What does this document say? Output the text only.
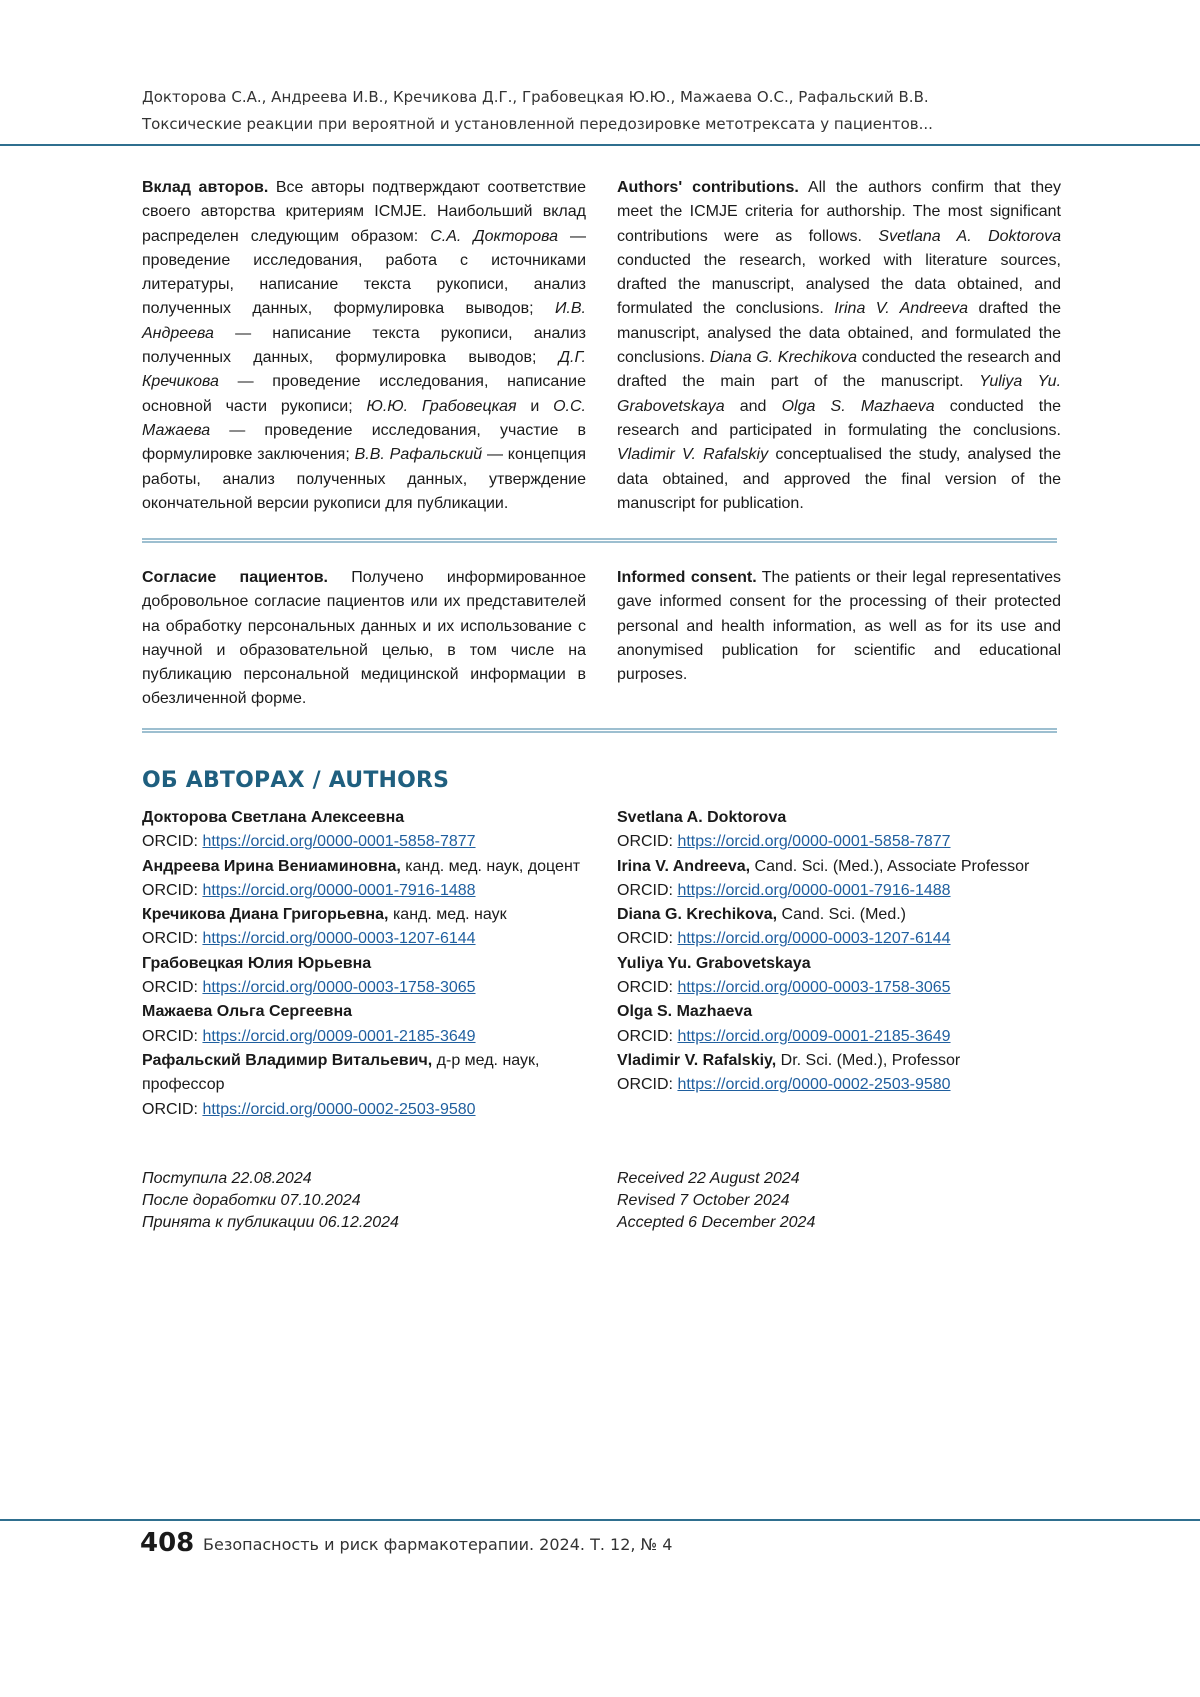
Докторова С.А., Андреева И.В., Кречикова Д.Г., Грабовецкая Ю.Ю., Мажаева О.С., Рафальский В.В.
Токсические реакции при вероятной и установленной передозировке метотрексата у пациентов...
Вклад авторов. Все авторы подтверждают соответствие своего авторства критериям ICMJE. Наибольший вклад распределен следующим образом: С.А. Докторова — проведение исследования, работа с источниками литературы, написание текста рукописи, анализ полученных данных, формулировка выводов; И.В. Андреева — написание текста рукописи, анализ полученных данных, формулировка выводов; Д.Г. Кречикова — проведение исследования, написание основной части рукописи; Ю.Ю. Грабовецкая и О.С. Мажаева — проведение исследования, участие в формулировке заключения; В.В. Рафальский — концепция работы, анализ полученных данных, утверждение окончательной версии рукописи для публикации.
Authors' contributions. All the authors confirm that they meet the ICMJE criteria for authorship. The most significant contributions were as follows. Svetlana A. Doktorova conducted the research, worked with literature sources, drafted the manuscript, analysed the data obtained, and formulated the conclusions. Irina V. Andreeva drafted the manuscript, analysed the data obtained, and formulated the conclusions. Diana G. Krechikova conducted the research and drafted the main part of the manuscript. Yuliya Yu. Grabovetskaya and Olga S. Mazhaeva conducted the research and participated in formulating the conclusions. Vladimir V. Rafalskiy conceptualised the study, analysed the data obtained, and approved the final version of the manuscript for publication.
Согласие пациентов. Получено информированное добровольное согласие пациентов или их представителей на обработку персональных данных и их использование с научной и образовательной целью, в том числе на публикацию персональной медицинской информации в обезличенной форме.
Informed consent. The patients or their legal representatives gave informed consent for the processing of their protected personal and health information, as well as for its use and anonymised publication for scientific and educational purposes.
ОБ АВТОРАХ / AUTHORS
Докторова Светлана Алексеевна
ORCID: https://orcid.org/0000-0001-5858-7877
Андреева Ирина Вениаминовна, канд. мед. наук, доцент
ORCID: https://orcid.org/0000-0001-7916-1488
Кречикова Диана Григорьевна, канд. мед. наук
ORCID: https://orcid.org/0000-0003-1207-6144
Грабовецкая Юлия Юрьевна
ORCID: https://orcid.org/0000-0003-1758-3065
Мажаева Ольга Сергеевна
ORCID: https://orcid.org/0009-0001-2185-3649
Рафальский Владимир Витальевич, д-р мед. наук, профессор
ORCID: https://orcid.org/0000-0002-2503-9580
Svetlana A. Doktorova
ORCID: https://orcid.org/0000-0001-5858-7877
Irina V. Andreeva, Cand. Sci. (Med.), Associate Professor
ORCID: https://orcid.org/0000-0001-7916-1488
Diana G. Krechikova, Cand. Sci. (Med.)
ORCID: https://orcid.org/0000-0003-1207-6144
Yuliya Yu. Grabovetskaya
ORCID: https://orcid.org/0000-0003-1758-3065
Olga S. Mazhaeva
ORCID: https://orcid.org/0009-0001-2185-3649
Vladimir V. Rafalskiy, Dr. Sci. (Med.), Professor
ORCID: https://orcid.org/0000-0002-2503-9580
Поступила 22.08.2024
После доработки 07.10.2024
Принята к публикации 06.12.2024
Received 22 August 2024
Revised 7 October 2024
Accepted 6 December 2024
408 Безопасность и риск фармакотерапии. 2024. Т. 12, № 4
